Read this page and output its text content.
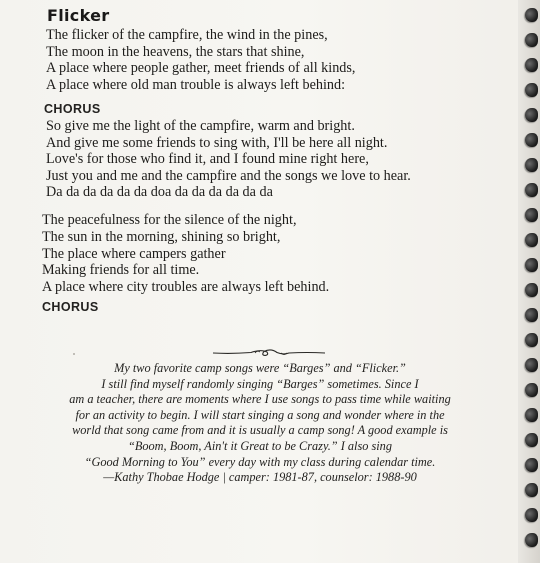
Flicker
The flicker of the campfire, the wind in the pines,
The moon in the heavens, the stars that shine,
A place where people gather, meet friends of all kinds,
A place where old man trouble is always left behind:
CHORUS
So give me the light of the campfire, warm and bright.
And give me some friends to sing with, I'll be here all night.
Love's for those who find it, and I found mine right here,
Just you and me and the campfire and the songs we love to hear.
Da da da da da da doa da da da da da da
The peacefulness for the silence of the night,
The sun in the morning, shining so bright,
The place where campers gather
Making friends for all time.
A place where city troubles are always left behind.
CHORUS
My two favorite camp songs were “Barges” and “Flicker.”
I still find myself randomly singing “Barges” sometimes. Since I
am a teacher, there are moments where I use songs to pass time while waiting
for an activity to begin. I will start singing a song and wonder where in the
world that song came from and it is usually a camp song! A good example is
“Boom, Boom, Ain't it Great to be Crazy.” I also sing
“Good Morning to You” every day with my class during calendar time.
—Kathy Thobae Hodge | camper: 1981-87, counselor: 1988-90
